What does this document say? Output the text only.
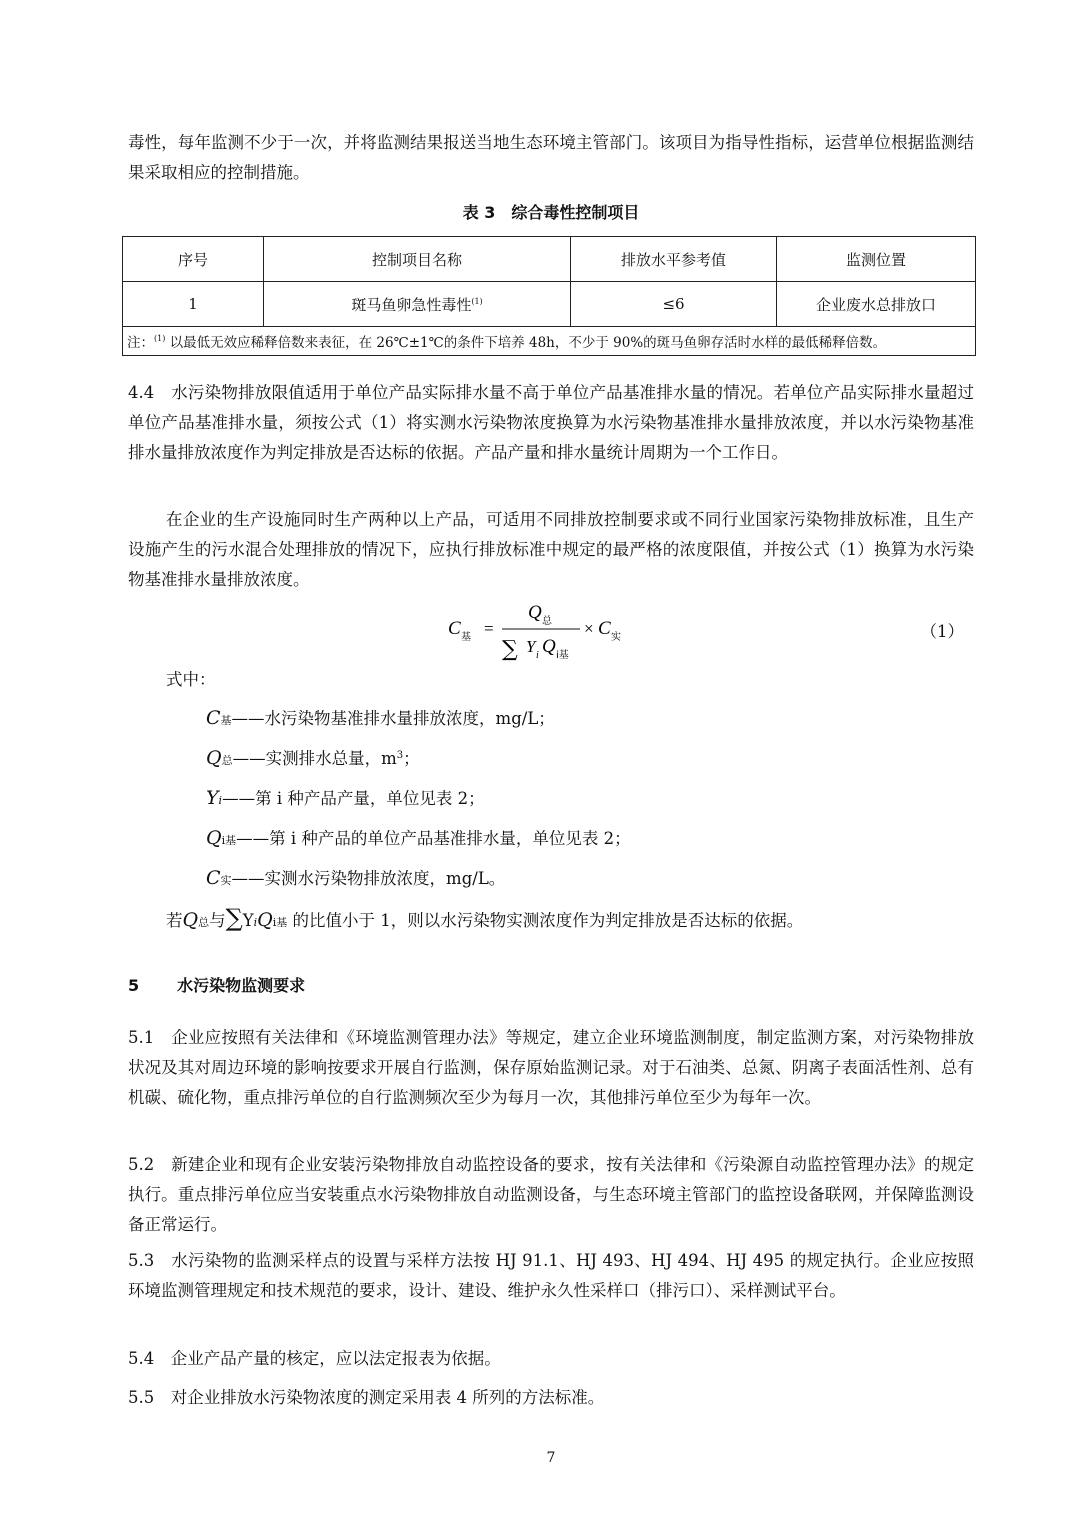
毒性，每年监测不少于一次，并将监测结果报送当地生态环境主管部门。该项目为指导性指标，运营单位根据监测结果采取相应的控制措施。

表 3　综合毒性控制项目

序号	控制项目名称	排放水平参考值	监测位置
1	斑马鱼卵急性毒性$^{(1)}$	≤6	企业废水总排放口
注：$^{(1)}$ 以最低无效应稀释倍数来表征，在 26℃±1℃的条件下培养 48h，不少于 90%的斑马鱼卵存活时水样的最低稀释倍数。			

4.4　水污染物排放限值适用于单位产品实际排水量不高于单位产品基准排水量的情况。若单位产品实际排水量超过单位产品基准排水量，须按公式（1）将实测水污染物浓度换算为水污染物基准排水量排放浓度，并以水污染物基准排水量排放浓度作为判定排放是否达标的依据。产品产量和排水量统计周期为一个工作日。

在企业的生产设施同时生产两种以上产品，可适用不同排放控制要求或不同行业国家污染物排放标准，且生产设施产生的污水混合处理排放的情况下，应执行排放标准中规定的最严格的浓度限值，并按公式（1）换算为水污染物基准排水量排放浓度。

C 基 =
Q 总
∑ Y i Q i基
× C 实	（1）

式中：

C基——水污染物基准排水量排放浓度，mg/L；
Q总——实测排水总量，$m^3$；
Yi——第 i 种产品产量，单位见表 2；
Qi基——第 i 种产品的单位产品基准排水量，单位见表 2；
C实——实测水污染物排放浓度，mg/L。
若Q总与∑YiQi基 的比值小于 1，则以水污染物实测浓度作为判定排放是否达标的依据。
5 水污染物监测要求

5.1　企业应按照有关法律和《环境监测管理办法》等规定，建立企业环境监测制度，制定监测方案，对污染物排放状况及其对周边环境的影响按要求开展自行监测，保存原始监测记录。对于石油类、总氮、阴离子表面活性剂、总有机碳、硫化物，重点排污单位的自行监测频次至少为每月一次，其他排污单位至少为每年一次。

5.2　新建企业和现有企业安装污染物排放自动监控设备的要求，按有关法律和《污染源自动监控管理办法》的规定执行。重点排污单位应当安装重点水污染物排放自动监测设备，与生态环境主管部门的监控设备联网，并保障监测设备正常运行。

5.3　水污染物的监测采样点的设置与采样方法按 HJ 91.1、HJ 493、HJ 494、HJ 495 的规定执行。企业应按照环境监测管理规定和技术规范的要求，设计、建设、维护永久性采样口（排污口）、采样测试平台。

5.4　企业产品产量的核定，应以法定报表为依据。

5.5　对企业排放水污染物浓度的测定采用表 4 所列的方法标准。

7
